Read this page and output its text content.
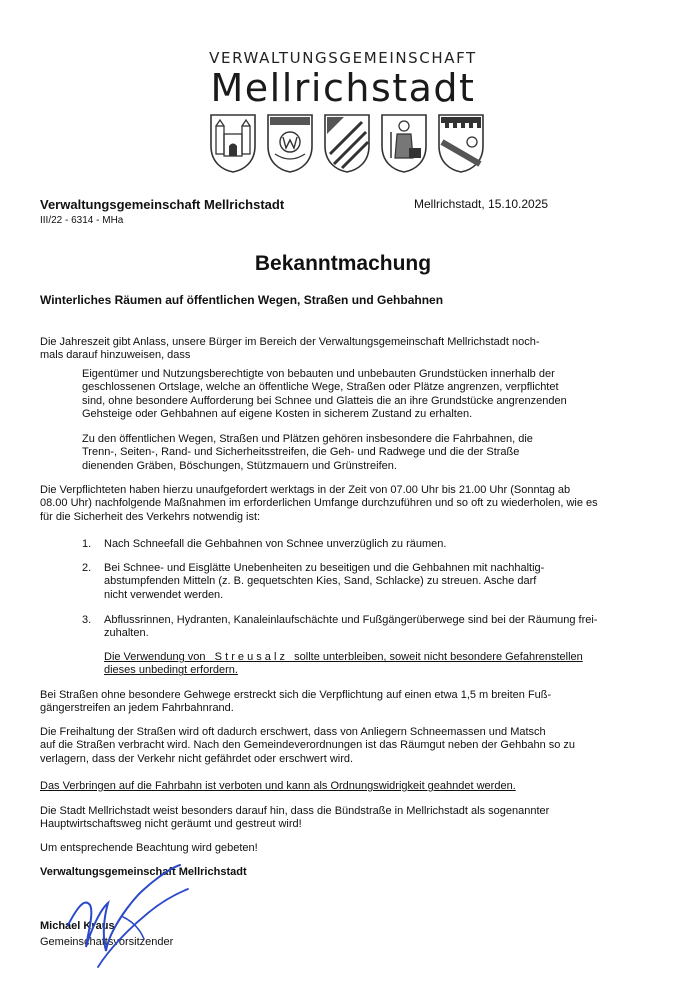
VERWALTUNGSGEMEINSCHAFT
Mellrichstadt
Verwaltungsgemeinschaft Mellrichstadt
III/22 - 6314 - MHa
Mellrichstadt, 15.10.2025
Bekanntmachung
Winterliches Räumen auf öffentlichen Wegen, Straßen und Gehbahnen

Die Jahreszeit gibt Anlass, unsere Bürger im Bereich der Verwaltungsgemeinschaft Mellrichstadt noch-
mals darauf hinzuweisen, dass

Eigentümer und Nutzungsberechtigte von bebauten und unbebauten Grundstücken innerhalb der
geschlossenen Ortslage, welche an öffentliche Wege, Straßen oder Plätze angrenzen, verpflichtet
sind, ohne besondere Aufforderung bei Schnee und Glatteis die an ihre Grundstücke angrenzenden
Gehsteige oder Gehbahnen auf eigene Kosten in sicherem Zustand zu erhalten.

Zu den öffentlichen Wegen, Straßen und Plätzen gehören insbesondere die Fahrbahnen, die
Trenn-, Seiten-, Rand- und Sicherheitsstreifen, die Geh- und Radwege und die der Straße
dienenden Gräben, Böschungen, Stützmauern und Grünstreifen.

Die Verpflichteten haben hierzu unaufgefordert werktags in der Zeit von 07.00 Uhr bis 21.00 Uhr (Sonntag ab
08.00 Uhr) nachfolgende Maßnahmen im erforderlichen Umfange durchzuführen und so oft zu wiederholen, wie es
für die Sicherheit des Verkehrs notwendig ist:

1. Nach Schneefall die Gehbahnen von Schnee unverzüglich zu räumen.

2. Bei Schnee- und Eisglätte Unebenheiten zu beseitigen und die Gehbahnen mit nachhaltig-
abstumpfenden Mitteln (z. B. gequetschten Kies, Sand, Schlacke) zu streuen. Asche darf
nicht verwendet werden.

3. Abflussrinnen, Hydranten, Kanaleinlaufschächte und Fußgängerüberwege sind bei der Räumung frei-
zuhalten.

Die Verwendung von   S t r e u s a l z   sollte unterbleiben, soweit nicht besondere Gefahrenstellen
dieses unbedingt erfordern.

Bei Straßen ohne besondere Gehwege erstreckt sich die Verpflichtung auf einen etwa 1,5 m breiten Fuß-
gängerstreifen an jedem Fahrbahnrand.

Die Freihaltung der Straßen wird oft dadurch erschwert, dass von Anliegern Schneemassen und Matsch
auf die Straßen verbracht wird. Nach den Gemeindeverordnungen ist das Räumgut neben der Gehbahn so zu
verlagern, dass der Verkehr nicht gefährdet oder erschwert wird.

Das Verbringen auf die Fahrbahn ist verboten und kann als Ordnungswidrigkeit geahndet werden.

Die Stadt Mellrichstadt weist besonders darauf hin, dass die Bündstraße in Mellrichstadt als sogenannter
Hauptwirtschaftsweg nicht geräumt und gestreut wird!

Um entsprechende Beachtung wird gebeten!

Verwaltungsgemeinschaft Mellrichstadt
Michael Kraus
Gemeinschaftsvorsitzender
